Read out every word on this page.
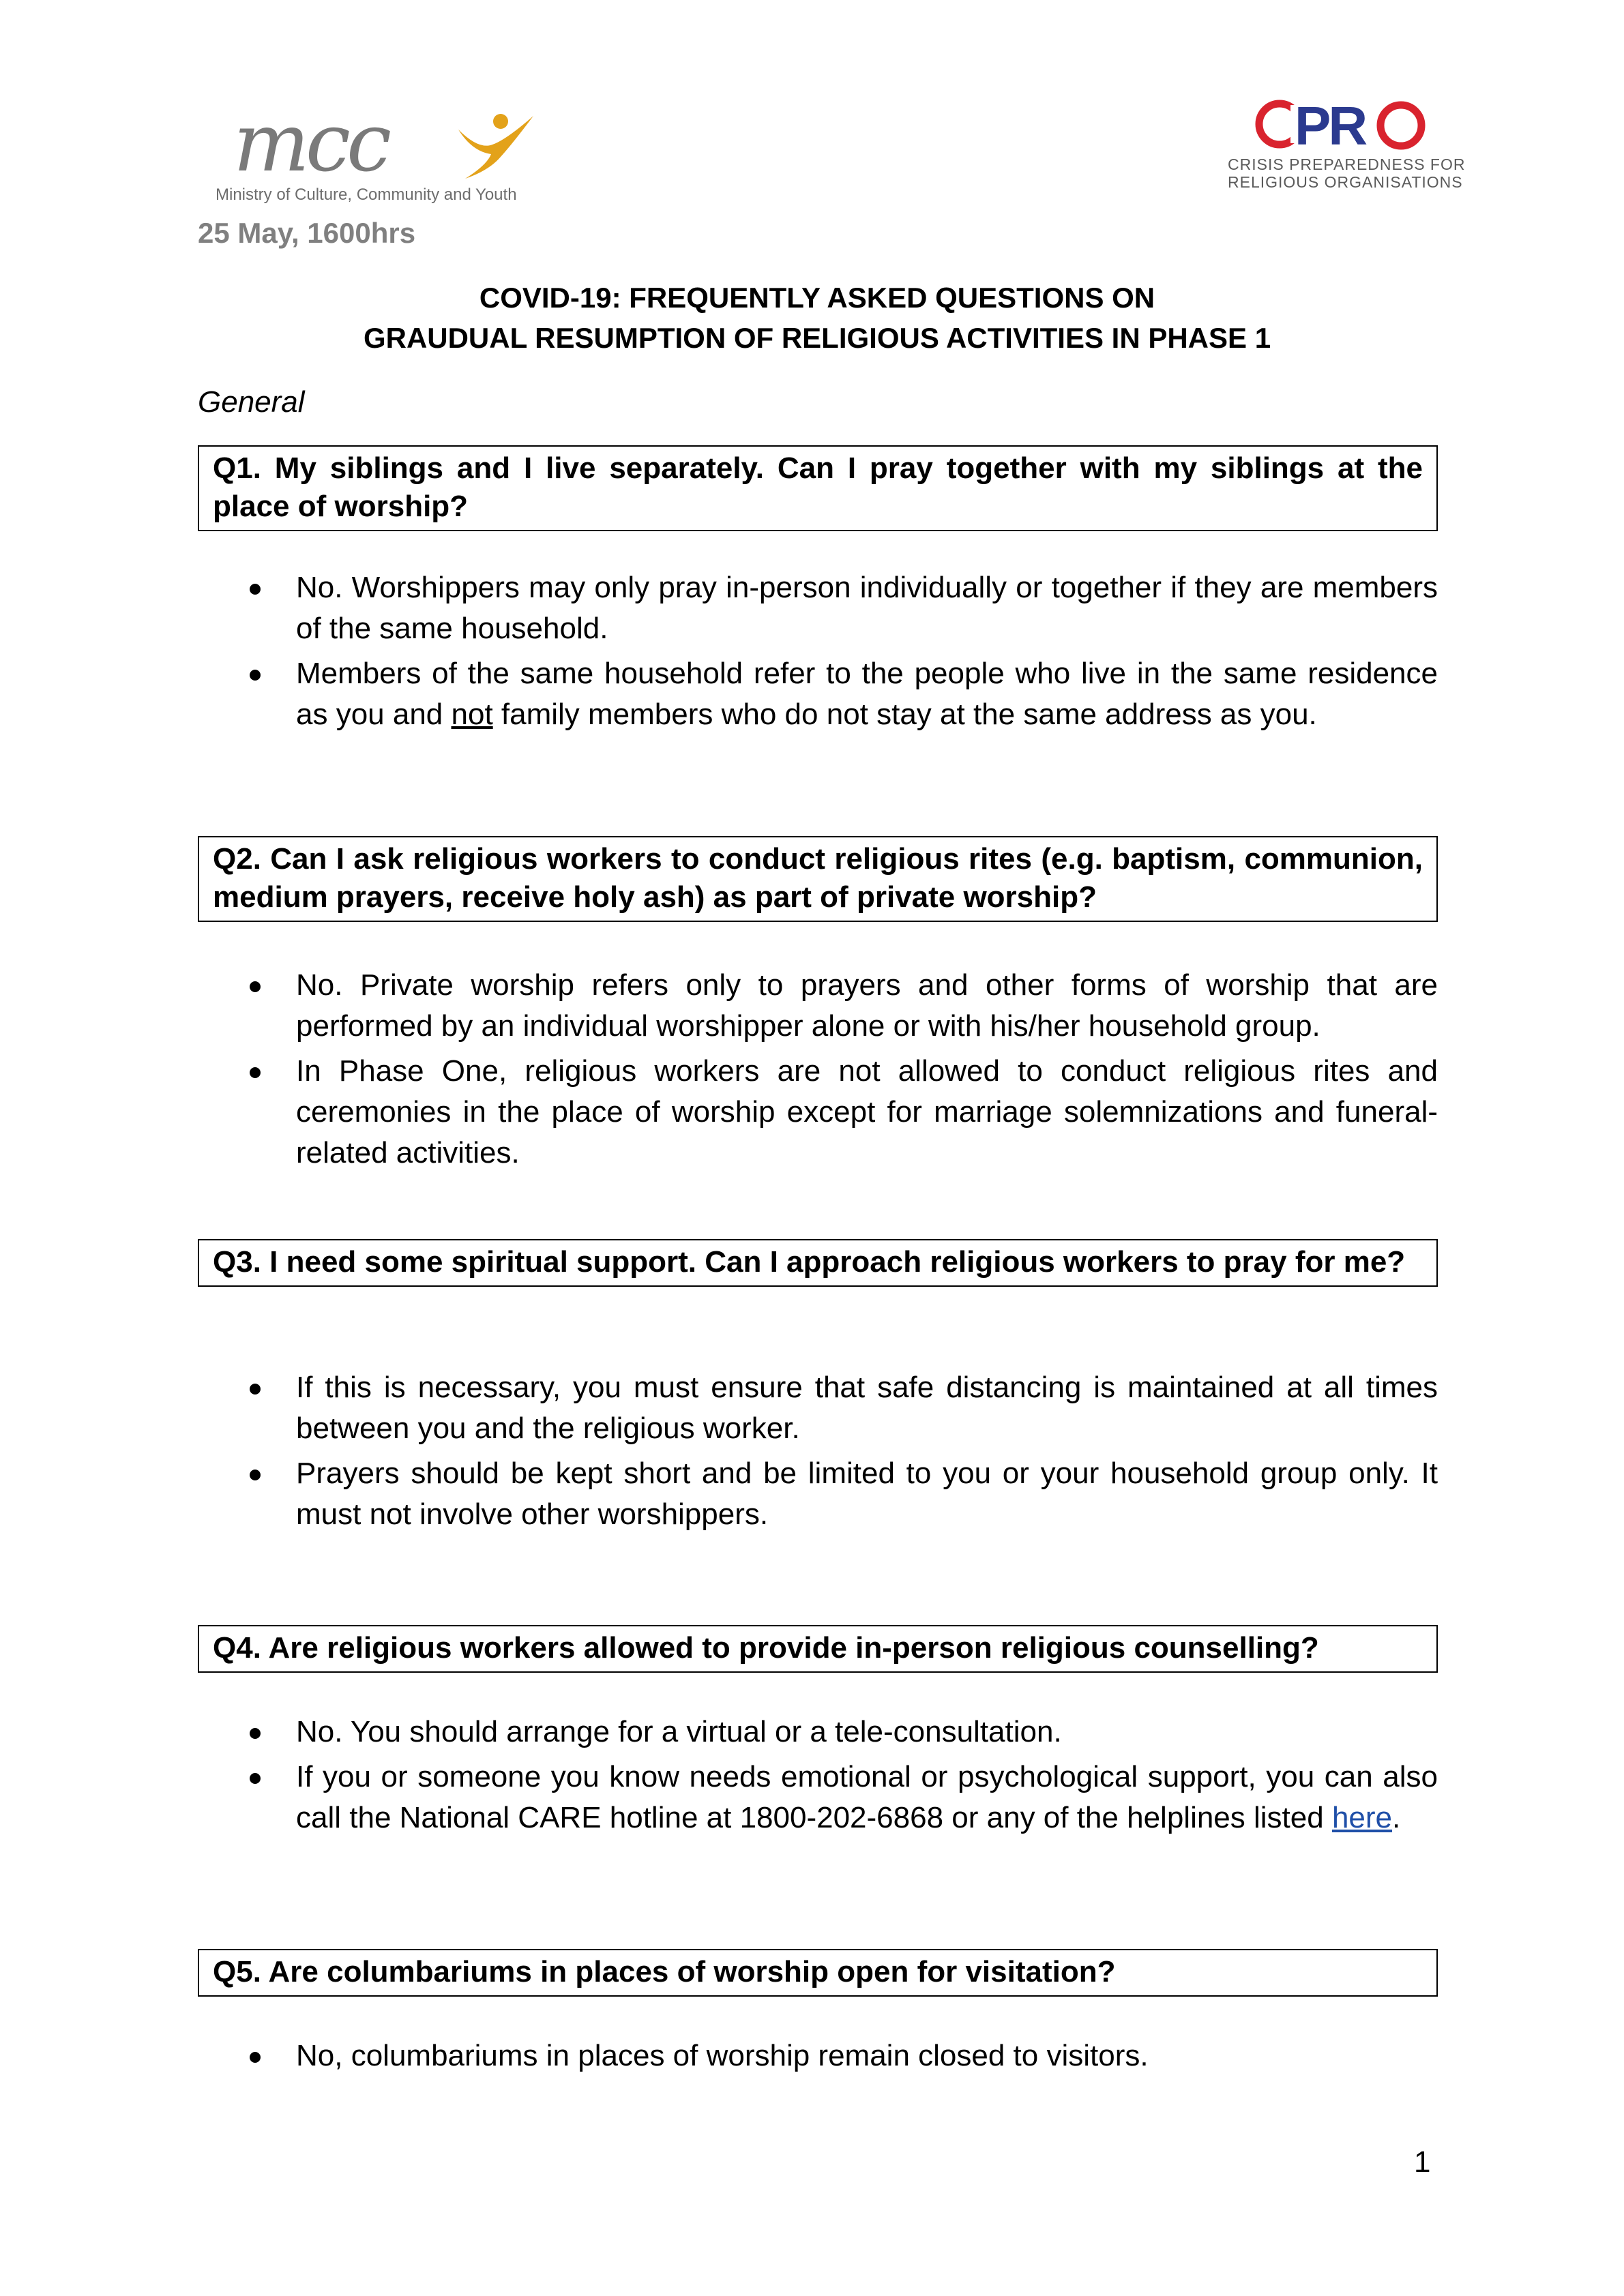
mcc
Ministry of Culture, Community and Youth
PR
CRISIS PREPAREDNESS FOR
RELIGIOUS ORGANISATIONS
25 May, 1600hrs
COVID-19: FREQUENTLY ASKED QUESTIONS ON
GRAUDUAL RESUMPTION OF RELIGIOUS ACTIVITIES IN PHASE 1
General
Q1. My siblings and I live separately. Can I pray together with my siblings at the place of worship?
No. Worshippers may only pray in-person individually or together if they are members of the same household.
Members of the same household refer to the people who live in the same residence as you and not family members who do not stay at the same address as you.
Q2. Can I ask religious workers to conduct religious rites (e.g. baptism, communion, medium prayers, receive holy ash) as part of private worship?
No. Private worship refers only to prayers and other forms of worship that are performed by an individual worshipper alone or with his/her household group.
In Phase One, religious workers are not allowed to conduct religious rites and ceremonies in the place of worship except for marriage solemnizations and funeral-related activities.
Q3. I need some spiritual support. Can I approach religious workers to pray for me?
If this is necessary, you must ensure that safe distancing is maintained at all times between you and the religious worker.
Prayers should be kept short and be limited to you or your household group only. It must not involve other worshippers.
Q4. Are religious workers allowed to provide in-person religious counselling?
No. You should arrange for a virtual or a tele-consultation.
If you or someone you know needs emotional or psychological support, you can also call the National CARE hotline at 1800-202-6868 or any of the helplines listed here.
Q5. Are columbariums in places of worship open for visitation?
No, columbariums in places of worship remain closed to visitors.
1
